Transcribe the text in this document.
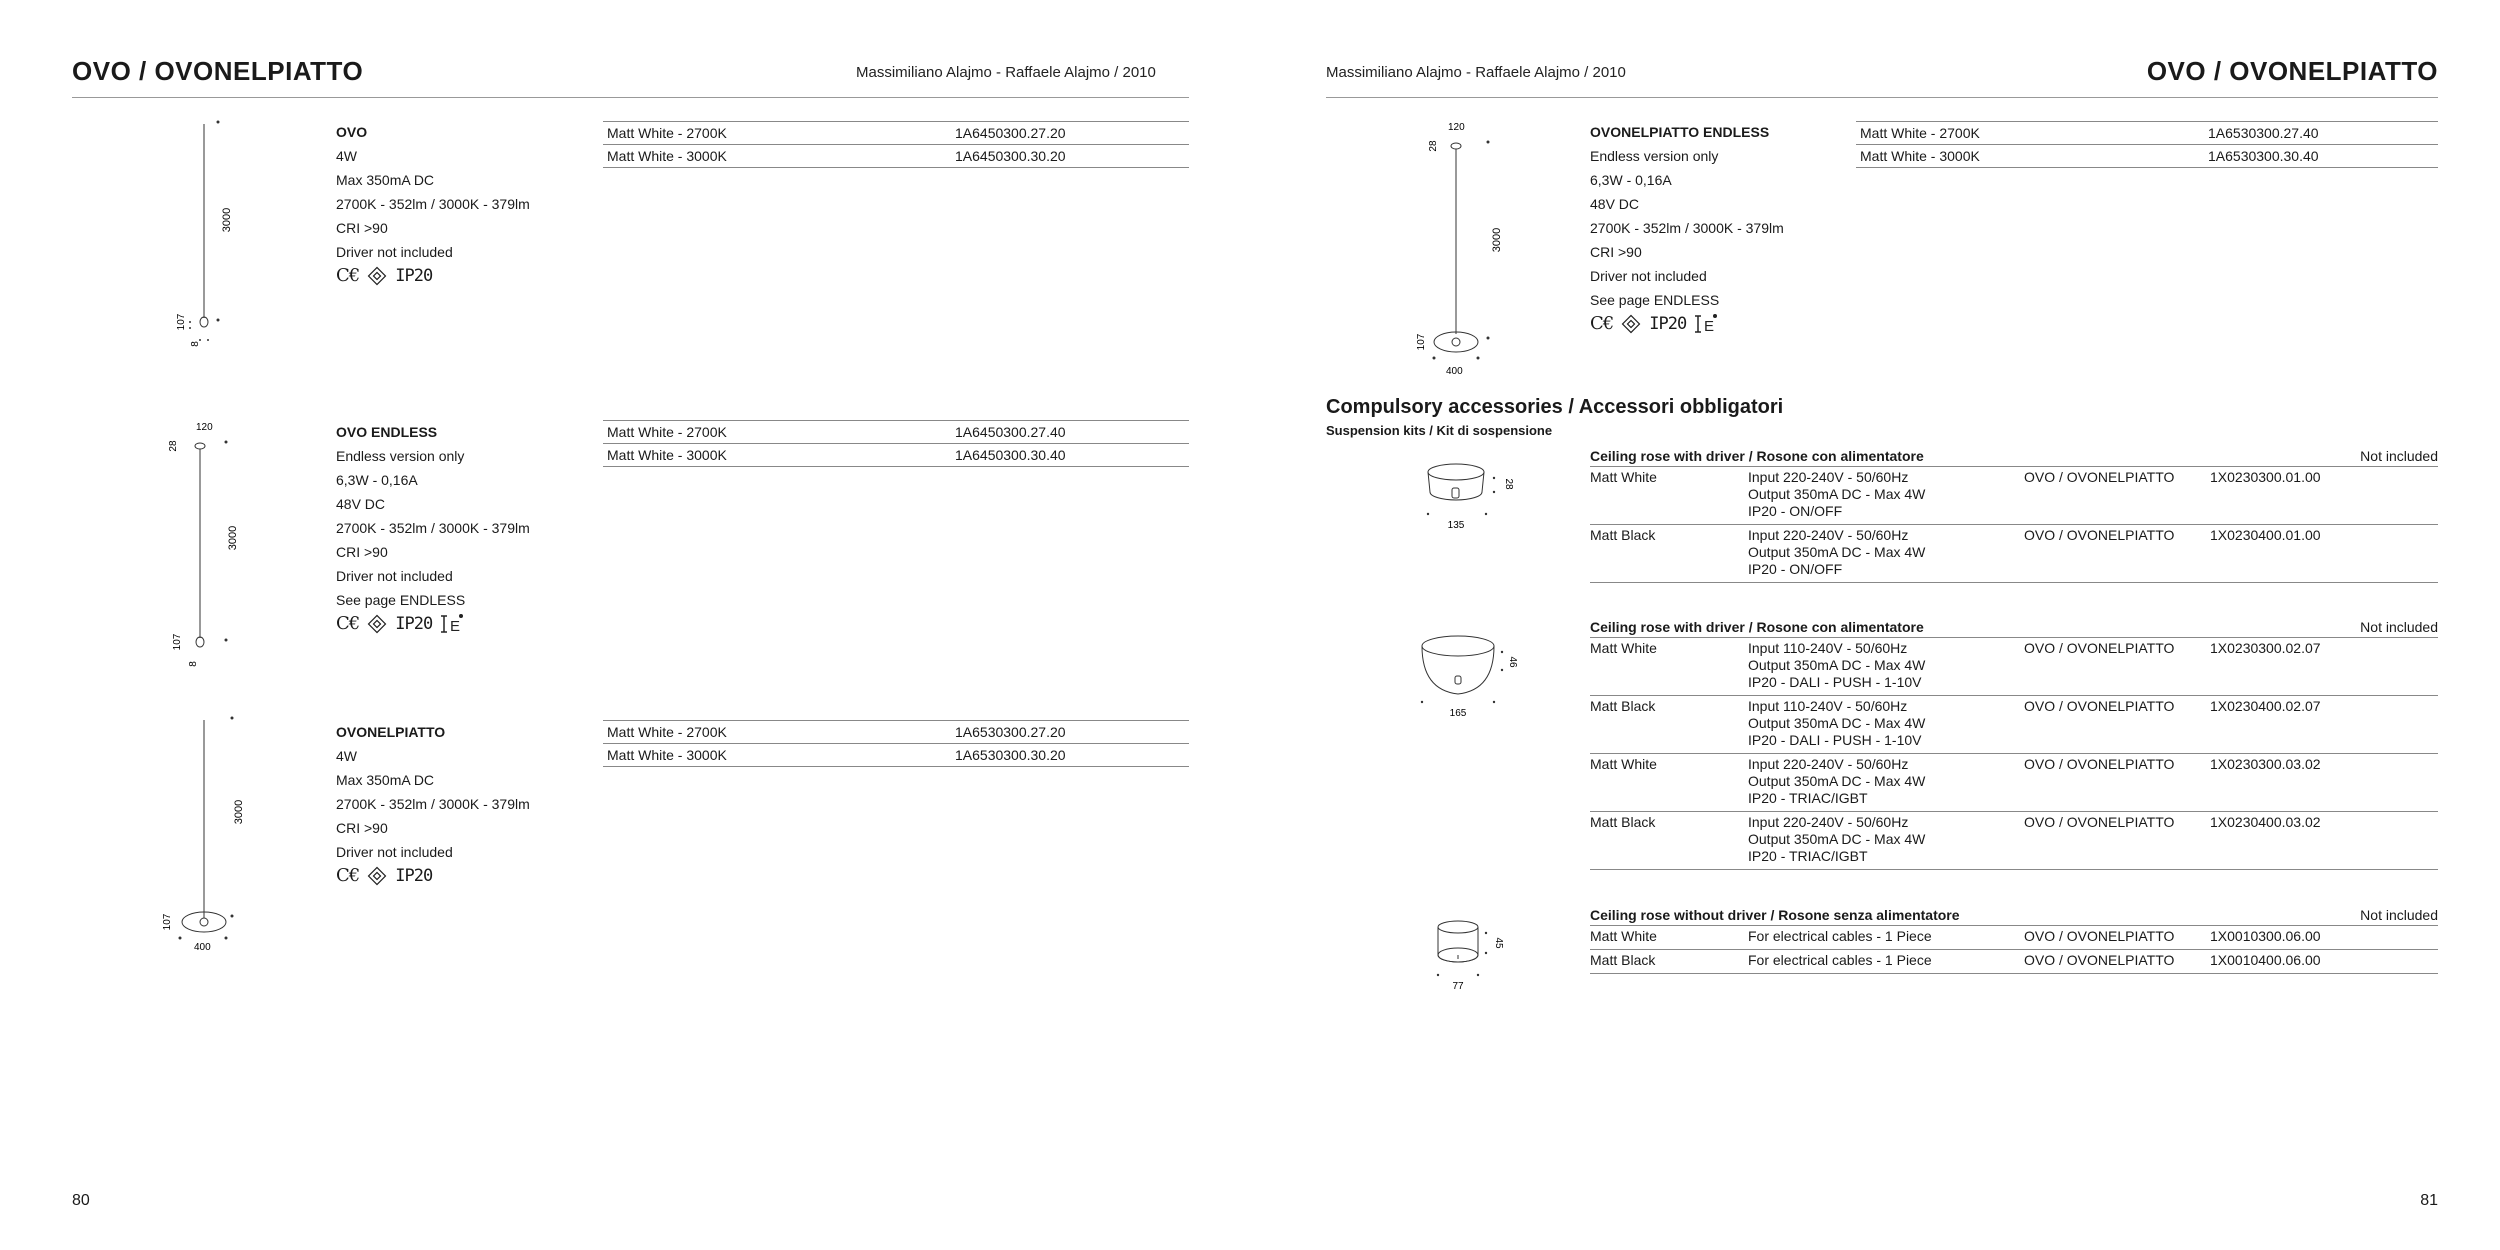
OVO / OVONELPIATTO	Massimiliano Alajmo - Raffaele Alajmo / 2010
3000
107
8
OVO
4W
Max 350mA DC
2700K - 352lm / 3000K - 379lm
CRI >90
Driver not included
C€ IP20
Matt White - 2700K	1A6450300.27.20
Matt White - 3000K	1A6450300.30.20
120
28
3000
107
8
OVO ENDLESS
Endless version only
6,3W - 0,16A
48V DC
2700K - 352lm / 3000K - 379lm
CRI >90
Driver not included
See page ENDLESS
C€ IP20 E
Matt White - 2700K	1A6450300.27.40
Matt White - 3000K	1A6450300.30.40
3000
107
400
OVONELPIATTO
4W
Max 350mA DC
2700K - 352lm / 3000K - 379lm
CRI >90
Driver not included
C€ IP20
Matt White - 2700K	1A6530300.27.20
Matt White - 3000K	1A6530300.30.20
80
Massimiliano Alajmo - Raffaele Alajmo / 2010	OVO / OVONELPIATTO
120
28
3000
107
400
OVONELPIATTO ENDLESS
Endless version only
6,3W - 0,16A
48V DC
2700K - 352lm / 3000K - 379lm
CRI >90
Driver not included
See page ENDLESS
C€ IP20 E
Matt White - 2700K	1A6530300.27.40
Matt White - 3000K	1A6530300.30.40
Compulsory accessories / Accessori obbligatori
Suspension kits / Kit di sospensione
28
135
Ceiling rose with driver / Rosone con alimentatore	Not included
Matt White	Input 220-240V - 50/60Hz
Output 350mA DC - Max 4W
IP20 - ON/OFF
OVO / OVONELPIATTO	1X0230300.01.00
Matt Black	Input 220-240V - 50/60Hz
Output 350mA DC - Max 4W
IP20 - ON/OFF
OVO / OVONELPIATTO	1X0230400.01.00
46
165
Ceiling rose with driver / Rosone con alimentatore	Not included
Matt White	Input 110-240V - 50/60Hz
Output 350mA DC - Max 4W
IP20 - DALI - PUSH - 1-10V
OVO / OVONELPIATTO	1X0230300.02.07
Matt Black	Input 110-240V - 50/60Hz
Output 350mA DC - Max 4W
IP20 - DALI - PUSH - 1-10V
OVO / OVONELPIATTO	1X0230400.02.07
Matt White	Input 220-240V - 50/60Hz
Output 350mA DC - Max 4W
IP20 - TRIAC/IGBT
OVO / OVONELPIATTO	1X0230300.03.02
Matt Black	Input 220-240V - 50/60Hz
Output 350mA DC - Max 4W
IP20 - TRIAC/IGBT
OVO / OVONELPIATTO	1X0230400.03.02
45
77
Ceiling rose without driver / Rosone senza alimentatore	Not included
Matt White	For electrical cables - 1 Piece	OVO / OVONELPIATTO	1X0010300.06.00
Matt Black	For electrical cables - 1 Piece	OVO / OVONELPIATTO	1X0010400.06.00
81
